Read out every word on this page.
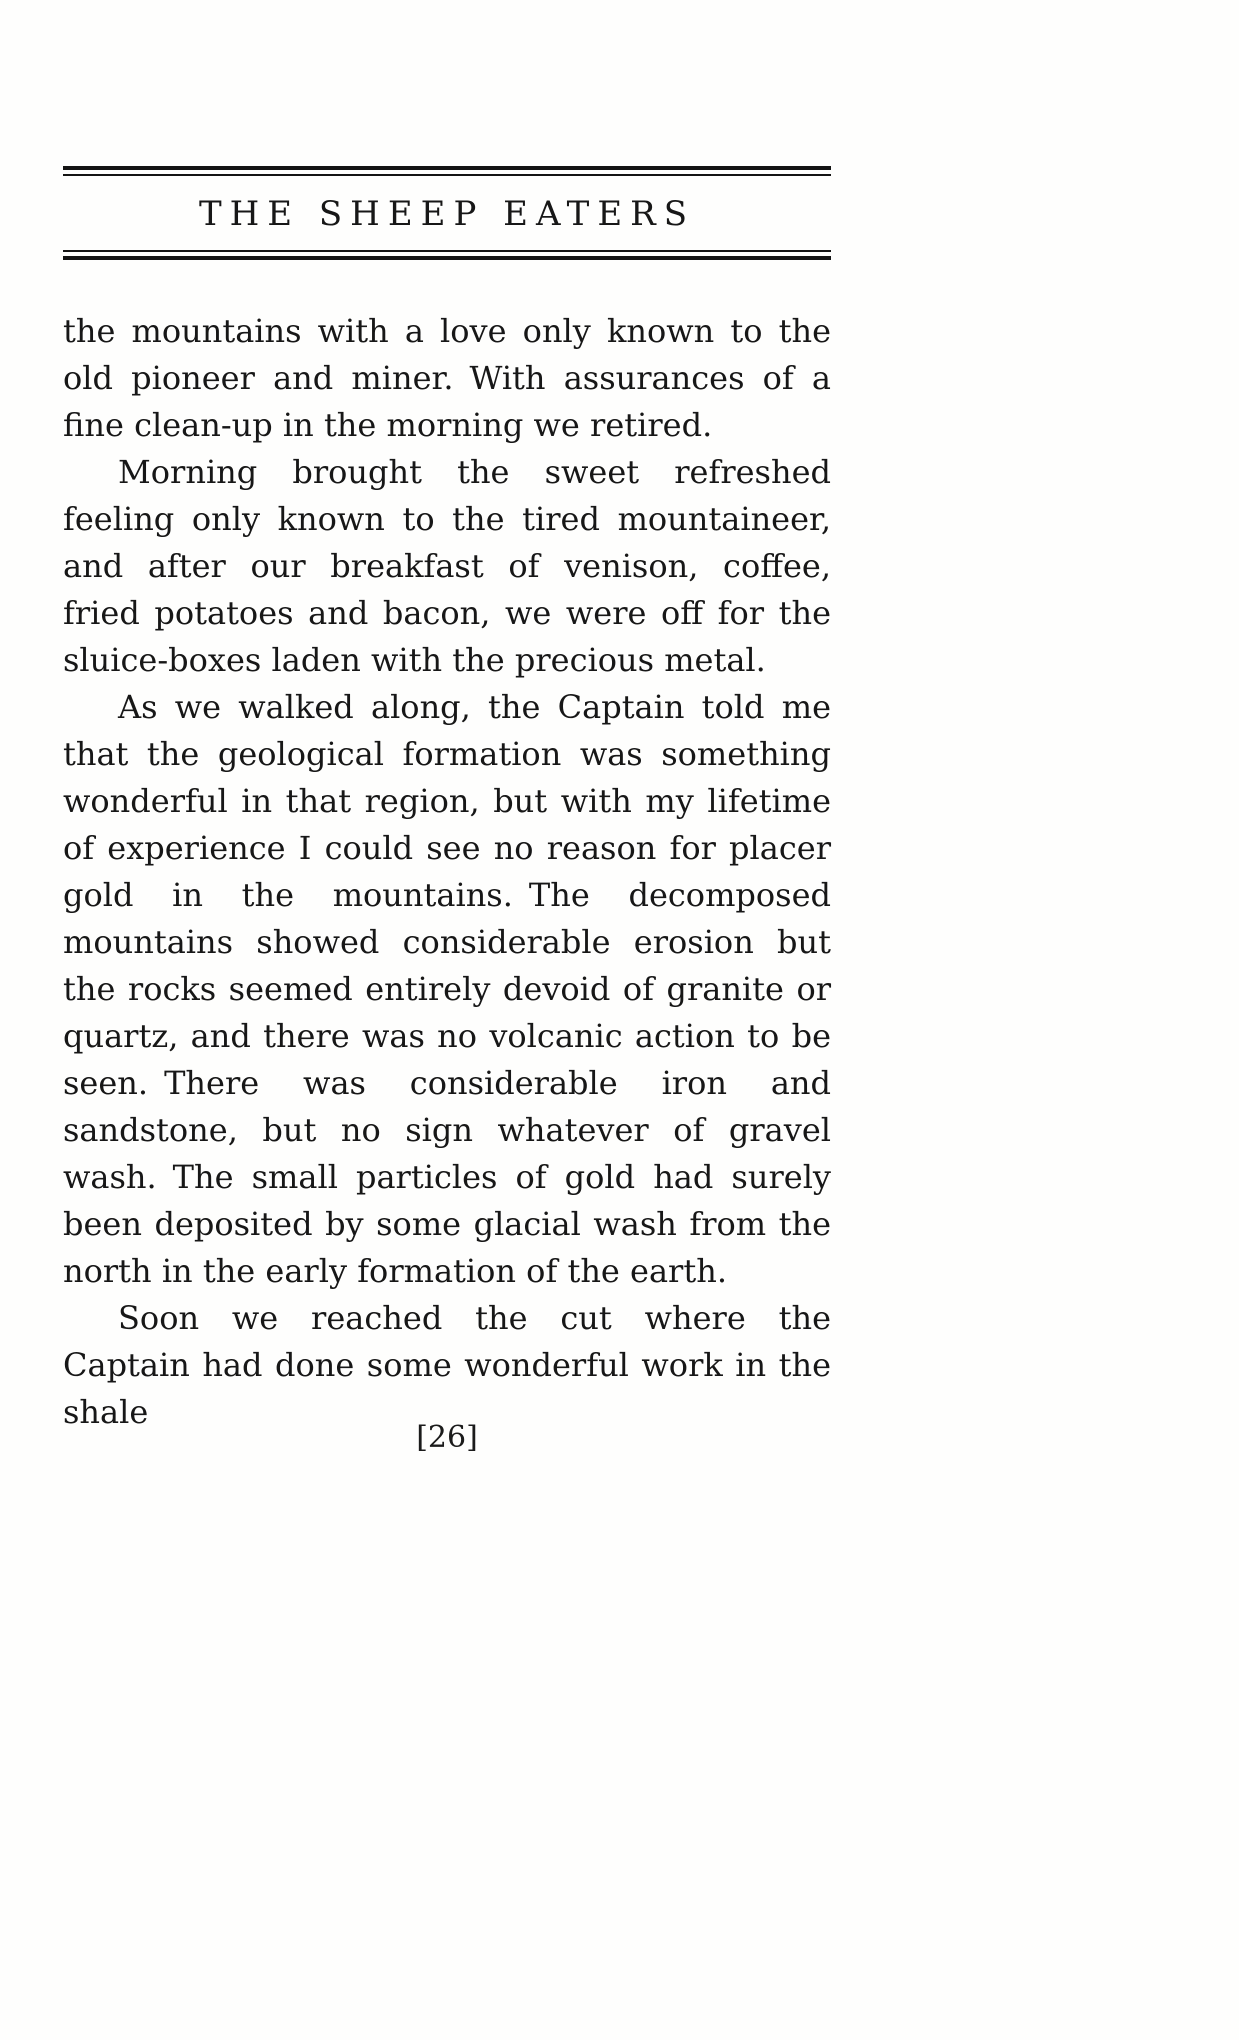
THE SHEEP EATERS

the mountains with a love only known to the old pioneer and miner. With assurances of a fine clean-up in the morning we retired.

Morning brought the sweet refreshed feeling only known to the tired mountaineer, and after our breakfast of venison, coffee, fried potatoes and bacon, we were off for the sluice-boxes laden with the precious metal.

As we walked along, the Captain told me that the geological formation was something wonderful in that region, but with my lifetime of experience I could see no reason for placer gold in the mountains. The decomposed mountains showed considerable erosion but the rocks seemed entirely devoid of granite or quartz, and there was no volcanic action to be seen. There was considerable iron and sandstone, but no sign whatever of gravel wash. The small particles of gold had surely been deposited by some glacial wash from the north in the early formation of the earth.

Soon we reached the cut where the Captain had done some wonderful work in the shale

[26]
